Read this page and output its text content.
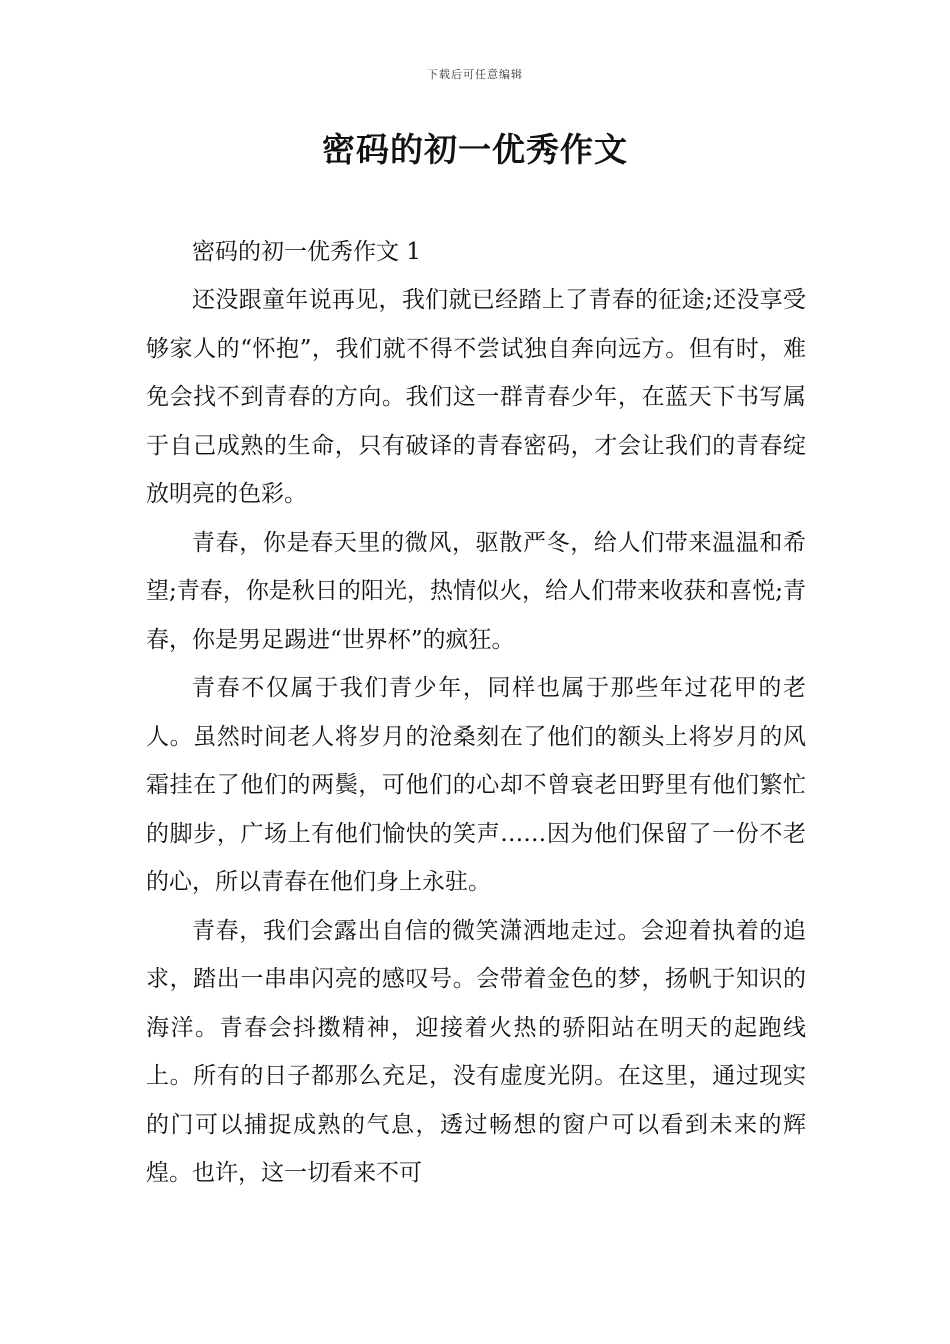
下载后可任意编辑
密码的初一优秀作文

密码的初一优秀作文 1

还没跟童年说再见，我们就已经踏上了青春的征途;还没享受够家人的“怀抱”，我们就不得不尝试独自奔向远方。但有时，难免会找不到青春的方向。我们这一群青春少年，在蓝天下书写属于自己成熟的生命，只有破译的青春密码，才会让我们的青春绽放明亮的色彩。

青春，你是春天里的微风，驱散严冬，给人们带来温温和希望;青春，你是秋日的阳光，热情似火，给人们带来收获和喜悦;青春，你是男足踢进“世界杯”的疯狂。

青春不仅属于我们青少年，同样也属于那些年过花甲的老人。虽然时间老人将岁月的沧桑刻在了他们的额头上将岁月的风霜挂在了他们的两鬓，可他们的心却不曾衰老田野里有他们繁忙的脚步，广场上有他们愉快的笑声……因为他们保留了一份不老的心，所以青春在他们身上永驻。

青春，我们会露出自信的微笑潇洒地走过。会迎着执着的追求，踏出一串串闪亮的感叹号。会带着金色的梦，扬帆于知识的海洋。青春会抖擞精神，迎接着火热的骄阳站在明天的起跑线上。所有的日子都那么充足，没有虚度光阴。在这里，通过现实的门可以捕捉成熟的气息，透过畅想的窗户可以看到未来的辉煌。也许，这一切看来不可
